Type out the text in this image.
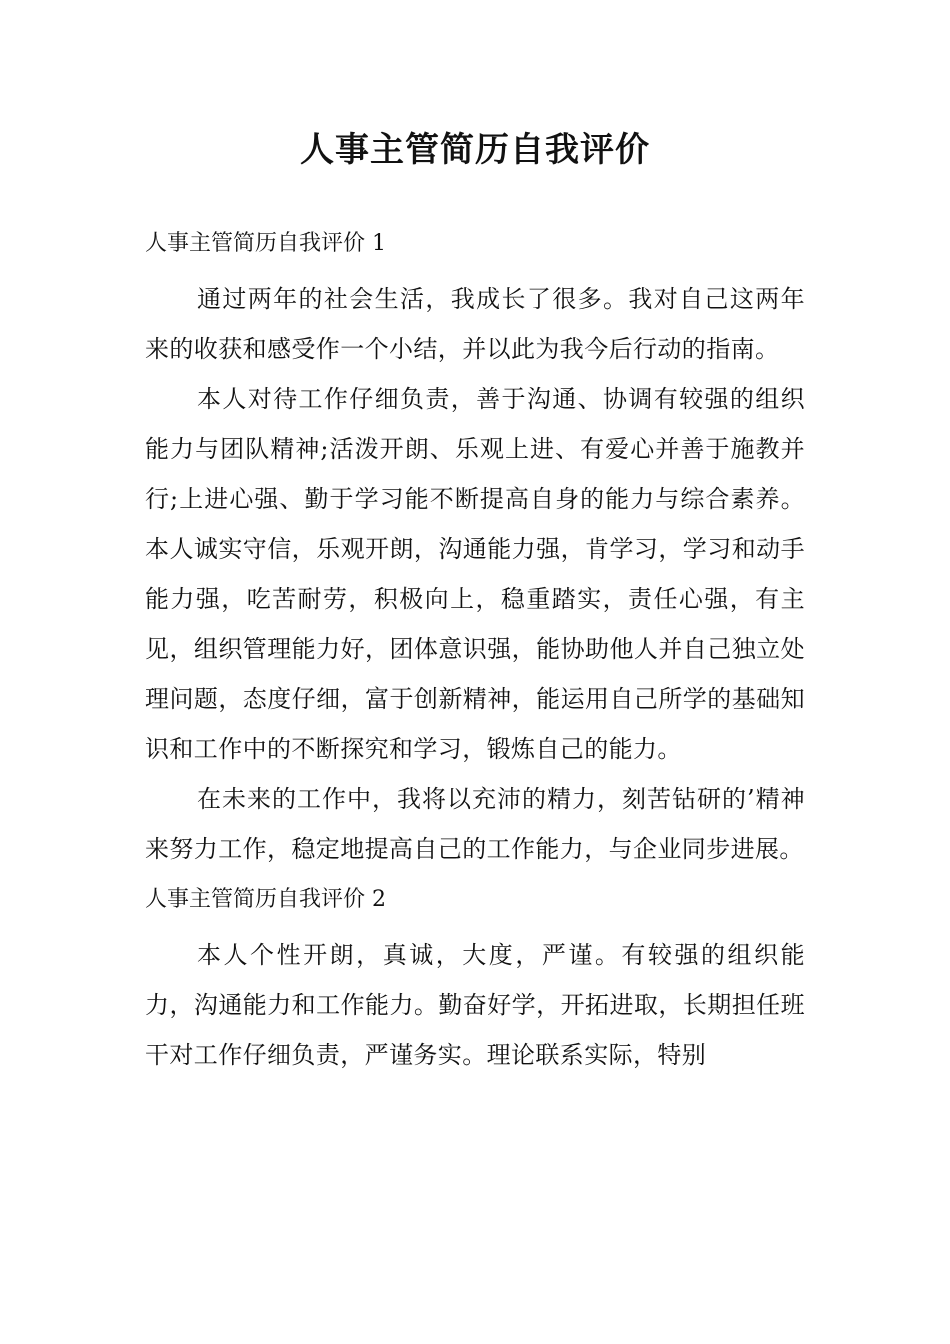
人事主管简历自我评价

人事主管简历自我评价 1

通过两年的社会生活，我成长了很多。我对自己这两年来的收获和感受作一个小结，并以此为我今后行动的指南。

本人对待工作仔细负责，善于沟通、协调有较强的组织能力与团队精神;活泼开朗、乐观上进、有爱心并善于施教并行;上进心强、勤于学习能不断提高自身的能力与综合素养。本人诚实守信，乐观开朗，沟通能力强，肯学习，学习和动手能力强，吃苦耐劳，积极向上，稳重踏实，责任心强，有主见，组织管理能力好，团体意识强，能协助他人并自己独立处理问题，态度仔细，富于创新精神，能运用自己所学的基础知识和工作中的不断探究和学习，锻炼自己的能力。

在未来的工作中，我将以充沛的精力，刻苦钻研的’精神来努力工作，稳定地提高自己的工作能力，与企业同步进展。

人事主管简历自我评价 2

本人个性开朗，真诚，大度，严谨。有较强的组织能力，沟通能力和工作能力。勤奋好学，开拓进取，长期担任班干对工作仔细负责，严谨务实。理论联系实际，特别
